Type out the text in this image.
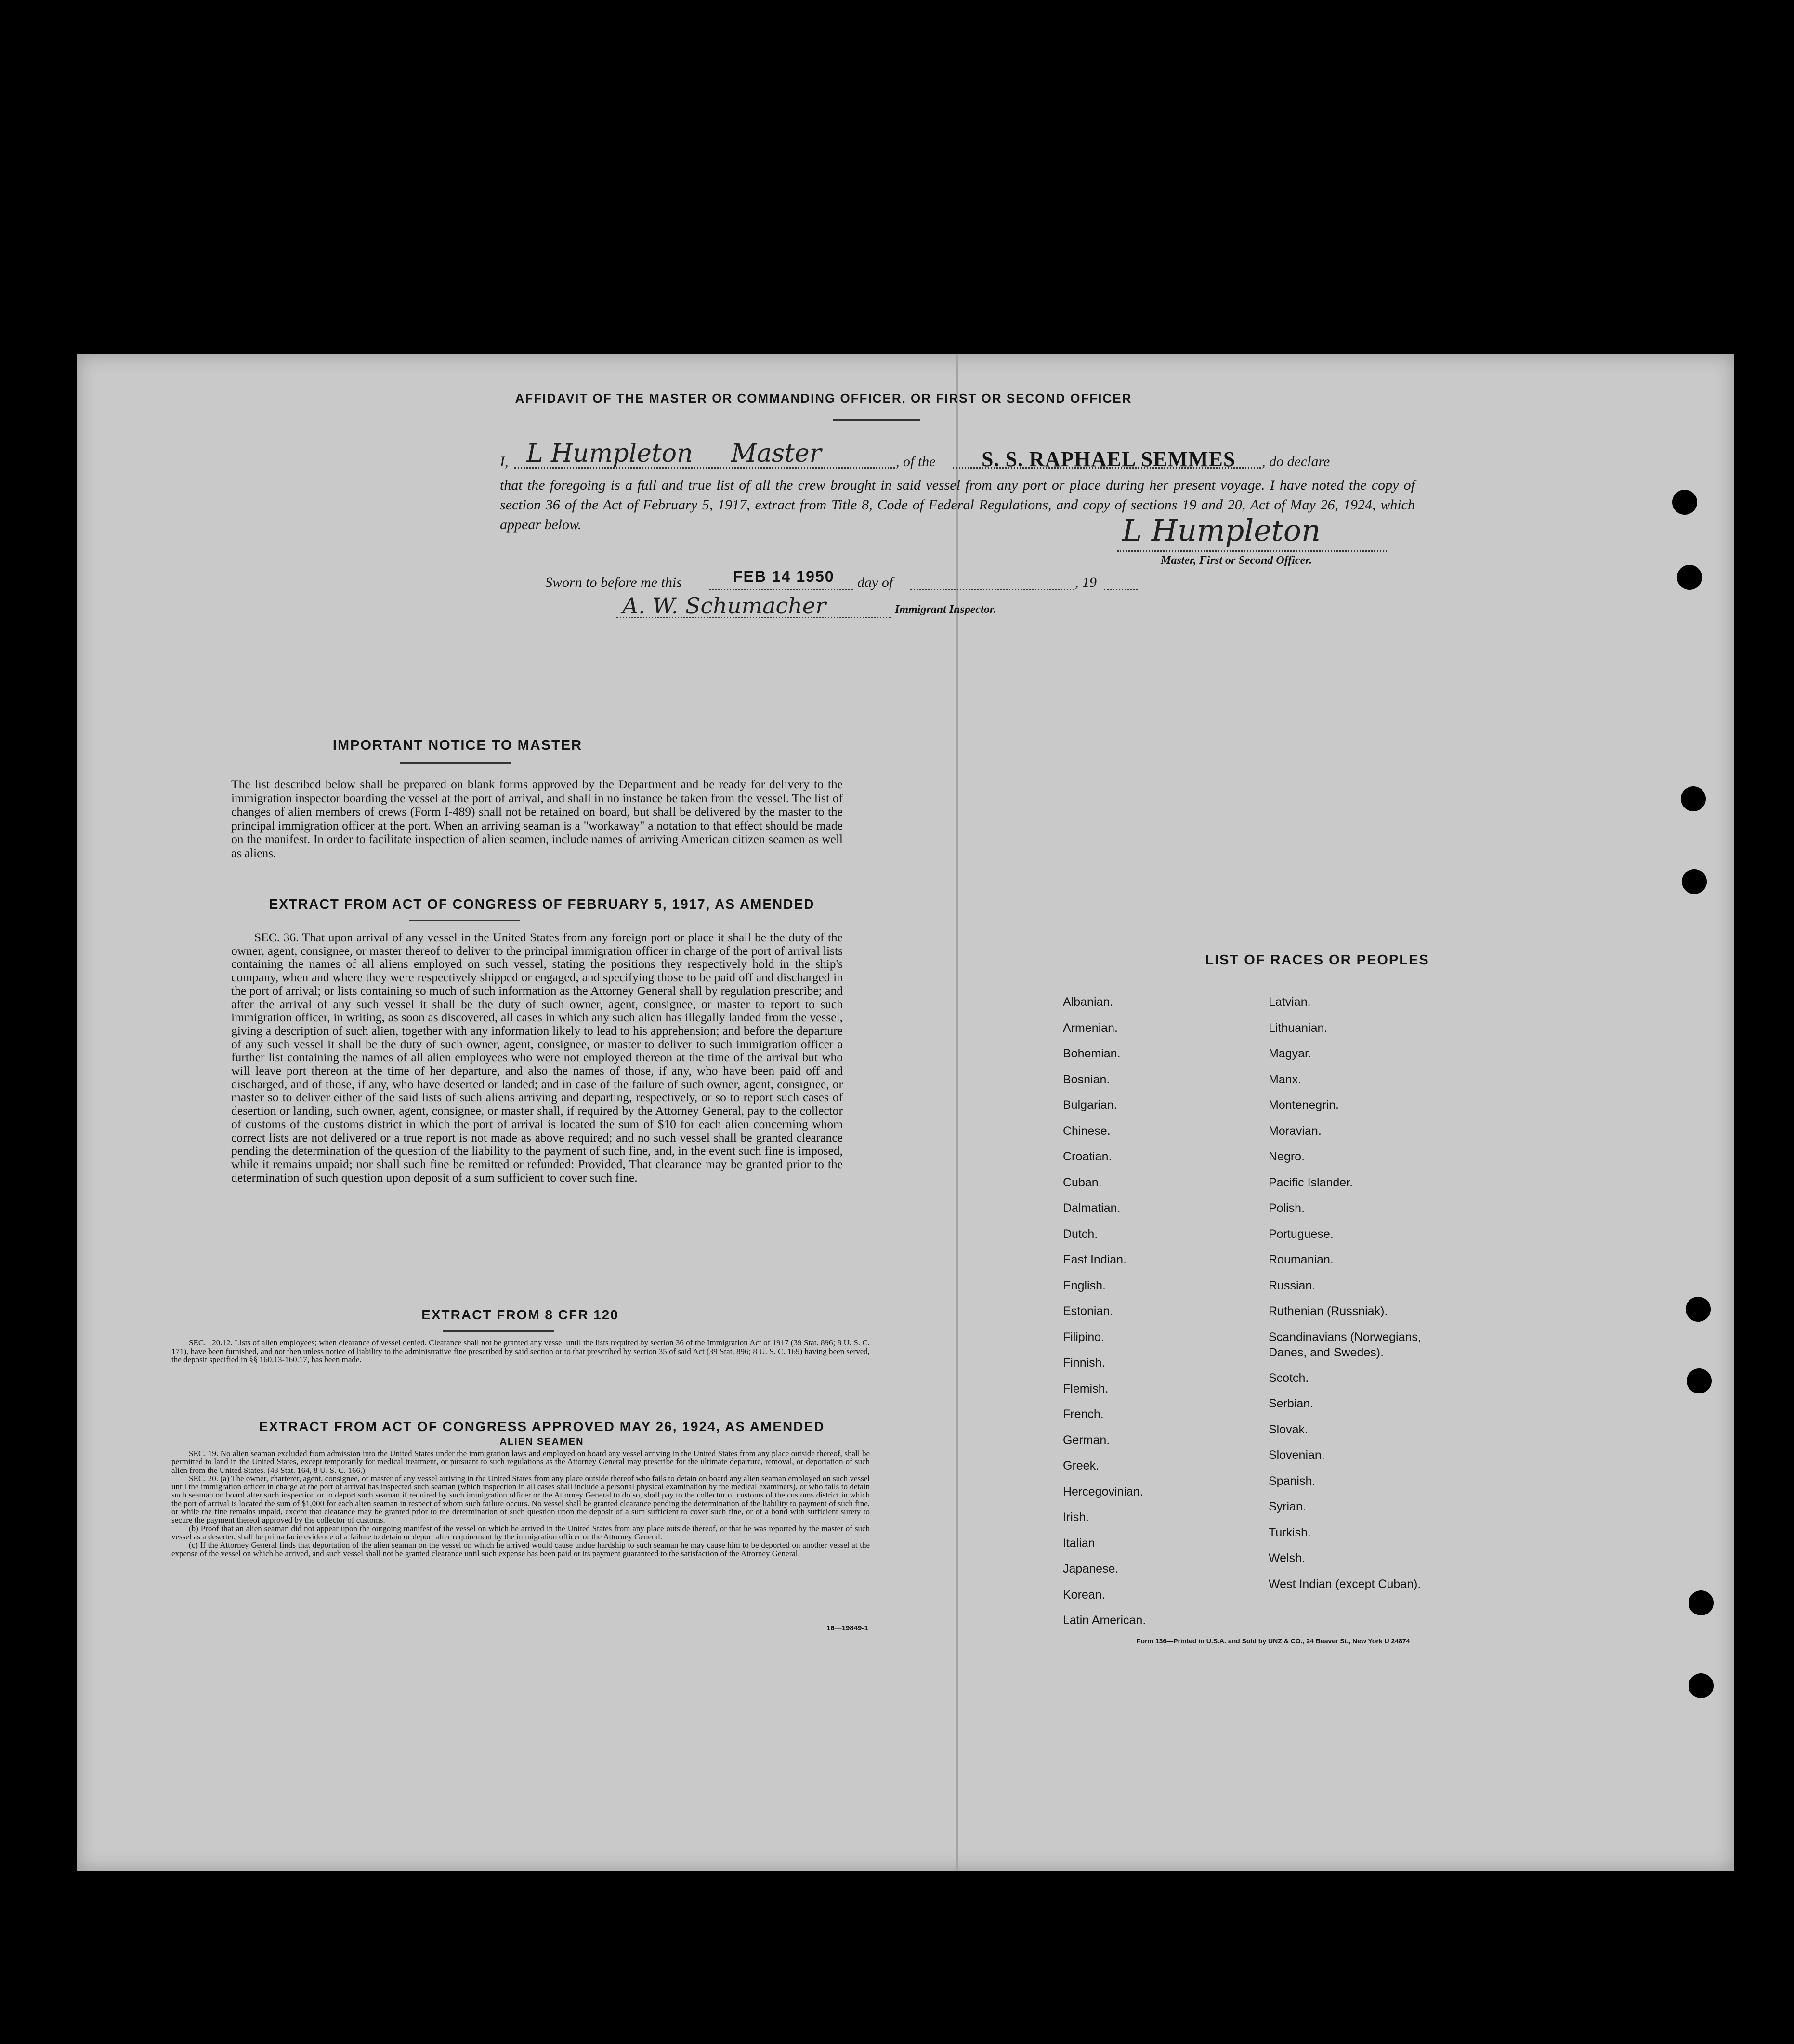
AFFIDAVIT OF THE MASTER OR COMMANDING OFFICER, OR FIRST OR SECOND OFFICER
I, L Humpleton Master	, of the S. S. RAPHAEL SEMMES , do declare
that the foregoing is a full and true list of all the crew brought in said vessel from any port or place during her present voyage. I have noted the copy of section 36 of the Act of February 5, 1917, extract from Title 8, Code of Federal Regulations, and copy of sections 19 and 20, Act of May 26, 1924, which appear below.	L Humpleton
Master, First or Second Officer.
Sworn to before me this	FEB 14 1950 day of	, 19
A. W. Schumacher	Immigrant Inspector.
IMPORTANT NOTICE TO MASTER
The list described below shall be prepared on blank forms approved by the Department and be ready for delivery to the immigration inspector boarding the vessel at the port of arrival, and shall in no instance be taken from the vessel. The list of changes of alien members of crews (Form I-489) shall not be retained on board, but shall be delivered by the master to the principal immigration officer at the port. When an arriving seaman is a "workaway" a notation to that effect should be made on the manifest. In order to facilitate inspection of alien seamen, include names of arriving American citizen seamen as well as aliens.
EXTRACT FROM ACT OF CONGRESS OF FEBRUARY 5, 1917, AS AMENDED
SEC. 36. That upon arrival of any vessel in the United States from any foreign port or place it shall be the duty of the owner, agent, consignee, or master thereof to deliver to the principal immigration officer in charge of the port of arrival lists containing the names of all aliens employed on such vessel, stating the positions they respectively hold in the ship's company, when and where they were respectively shipped or engaged, and specifying those to be paid off and discharged in the port of arrival; or lists containing so much of such information as the Attorney General shall by regulation prescribe; and after the arrival of any such vessel it shall be the duty of such owner, agent, consignee, or master to report to such immigration officer, in writing, as soon as discovered, all cases in which any such alien has illegally landed from the vessel, giving a description of such alien, together with any information likely to lead to his apprehension; and before the departure of any such vessel it shall be the duty of such owner, agent, consignee, or master to deliver to such immigration officer a further list containing the names of all alien employees who were not employed thereon at the time of the arrival but who will leave port thereon at the time of her departure, and also the names of those, if any, who have been paid off and discharged, and of those, if any, who have deserted or landed; and in case of the failure of such owner, agent, consignee, or master so to deliver either of the said lists of such aliens arriving and departing, respectively, or so to report such cases of desertion or landing, such owner, agent, consignee, or master shall, if required by the Attorney General, pay to the collector of customs of the customs district in which the port of arrival is located the sum of $10 for each alien concerning whom correct lists are not delivered or a true report is not made as above required; and no such vessel shall be granted clearance pending the determination of the question of the liability to the payment of such fine, and, in the event such fine is imposed, while it remains unpaid; nor shall such fine be remitted or refunded: Provided, That clearance may be granted prior to the determination of such question upon deposit of a sum sufficient to cover such fine.
EXTRACT FROM 8 CFR 120
SEC. 120.12. Lists of alien employees; when clearance of vessel denied. Clearance shall not be granted any vessel until the lists required by section 36 of the Immigration Act of 1917 (39 Stat. 896; 8 U. S. C. 171), have been furnished, and not then unless notice of liability to the administrative fine prescribed by said section or to that prescribed by section 35 of said Act (39 Stat. 896; 8 U. S. C. 169) having been served, the deposit specified in §§ 160.13-160.17, has been made.
EXTRACT FROM ACT OF CONGRESS APPROVED MAY 26, 1924, AS AMENDED
ALIEN SEAMEN
SEC. 19. No alien seaman excluded from admission into the United States under the immigration laws and employed on board any vessel arriving in the United States from any place outside thereof, shall be permitted to land in the United States, except temporarily for medical treatment, or pursuant to such regulations as the Attorney General may prescribe for the ultimate departure, removal, or deportation of such alien from the United States. (43 Stat. 164, 8 U. S. C. 166.)
SEC. 20. (a) The owner, charterer, agent, consignee, or master of any vessel arriving in the United States from any place outside thereof who fails to detain on board any alien seaman employed on such vessel until the immigration officer in charge at the port of arrival has inspected such seaman (which inspection in all cases shall include a personal physical examination by the medical examiners), or who fails to detain such seaman on board after such inspection or to deport such seaman if required by such immigration officer or the Attorney General to do so, shall pay to the collector of customs of the customs district in which the port of arrival is located the sum of $1,000 for each alien seaman in respect of whom such failure occurs. No vessel shall be granted clearance pending the determination of the liability to payment of such fine, or while the fine remains unpaid, except that clearance may be granted prior to the determination of such question upon the deposit of a sum sufficient to cover such fine, or of a bond with sufficient surety to secure the payment thereof approved by the collector of customs.
(b) Proof that an alien seaman did not appear upon the outgoing manifest of the vessel on which he arrived in the United States from any place outside thereof, or that he was reported by the master of such vessel as a deserter, shall be prima facie evidence of a failure to detain or deport after requirement by the immigration officer or the Attorney General.
(c) If the Attorney General finds that deportation of the alien seaman on the vessel on which he arrived would cause undue hardship to such seaman he may cause him to be deported on another vessel at the expense of the vessel on which he arrived, and such vessel shall not be granted clearance until such expense has been paid or its payment guaranteed to the satisfaction of the Attorney General.
16—19849-1
LIST OF RACES OR PEOPLES
Albanian.
Armenian.
Bohemian.
Bosnian.
Bulgarian.
Chinese.
Croatian.
Cuban.
Dalmatian.
Dutch.
East Indian.
English.
Estonian.
Filipino.
Finnish.
Flemish.
French.
German.
Greek.
Hercegovinian.
Irish.
Italian
Japanese.
Korean.
Latin American.
Latvian.
Lithuanian.
Magyar.
Manx.
Montenegrin.
Moravian.
Negro.
Pacific Islander.
Polish.
Portuguese.
Roumanian.
Russian.
Ruthenian (Russniak).
Scandinavians (Norwegians, Danes, and Swedes).
Scotch.
Serbian.
Slovak.
Slovenian.
Spanish.
Syrian.
Turkish.
Welsh.
West Indian (except Cuban).
Form 136—Printed in U.S.A. and Sold by UNZ & CO., 24 Beaver St., New York U 24874
